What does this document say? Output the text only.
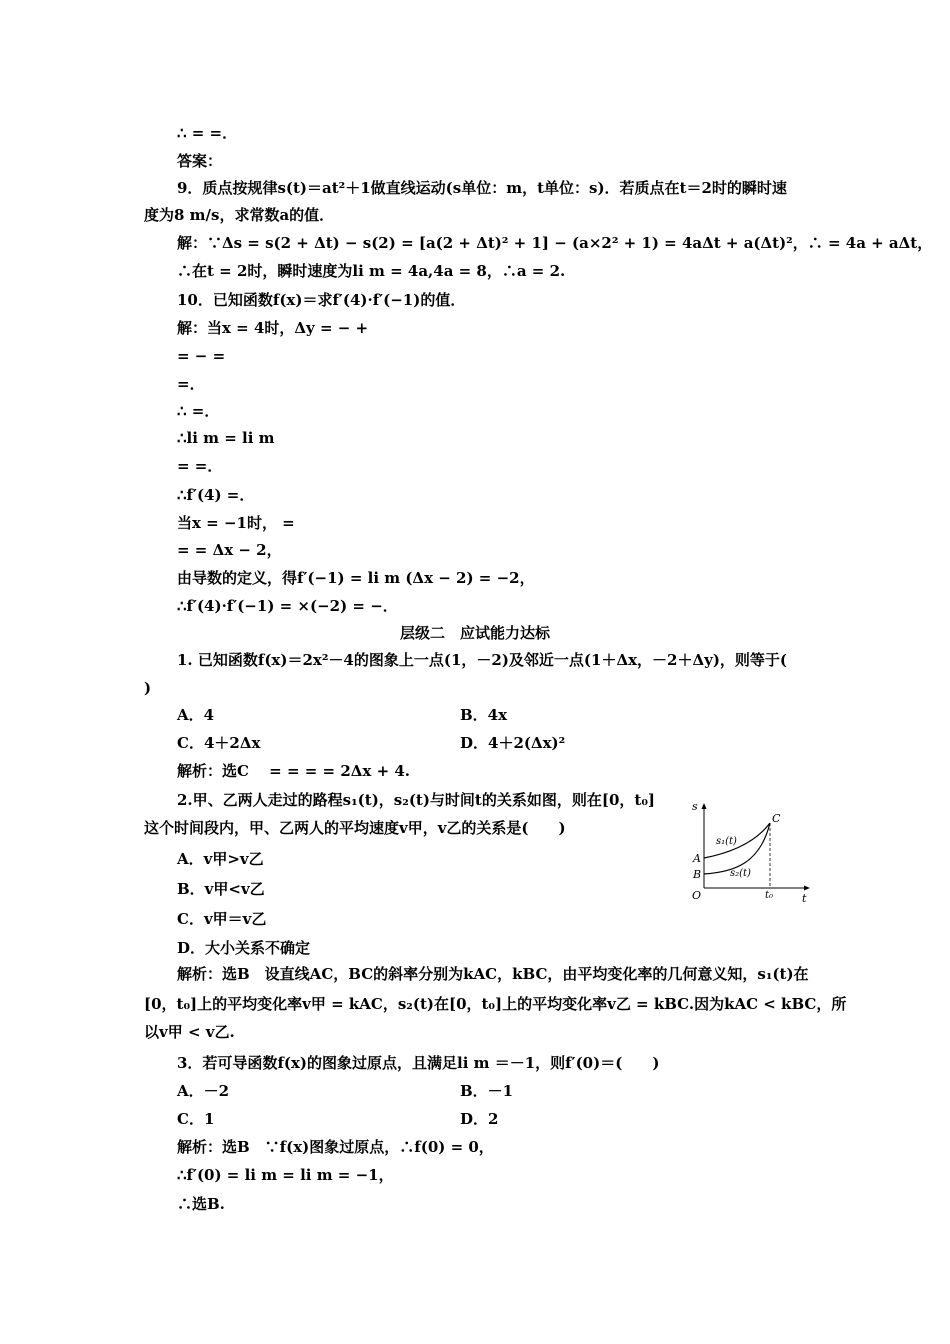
∴ = =．
答案：
9．质点按规律s(t)＝at²＋1做直线运动(s单位：m，t单位：s)．若质点在t＝2时的瞬时速
度为8 m/s，求常数a的值．
解：∵Δs = s(2 + Δt) − s(2) = [a(2 + Δt)² + 1] − (a×2² + 1) = 4aΔt + a(Δt)²，∴ = 4a + aΔt，
∴在t = 2时，瞬时速度为li m = 4a,4a = 8，∴a = 2.
10．已知函数f(x)＝求f′(4)·f′(−1)的值．
解：当x = 4时，Δy = − +
= − =
=．
∴ =．
∴li m = li m
= =．
∴f′(4) =．
当x = −1时， =
= = Δx − 2，
由导数的定义，得f′(−1) = li m (Δx − 2) = −2，
∴f′(4)·f′(−1) = ×(−2) = −．
层级二　应试能力达标
1. 已知函数f(x)＝2x²－4的图象上一点(1，－2)及邻近一点(1＋Δx，－2＋Δy)，则等于(
)
A．4	B．4x
C．4＋2Δx	D．4＋2(Δx)²
解析：选C　 = = = = 2Δx + 4.
2.甲、乙两人走过的路程s₁(t)，s₂(t)与时间t的关系如图，则在[0，t₀]
这个时间段内，甲、乙两人的平均速度v甲，v乙的关系是(　　)
A．v甲>v乙
B．v甲<v乙
C．v甲＝v乙
D．大小关系不确定
解析：选B　设直线AC，BC的斜率分别为kAC，kBC，由平均变化率的几何意义知，s₁(t)在
[0，t₀]上的平均变化率v甲 = kAC，s₂(t)在[0，t₀]上的平均变化率v乙 = kBC.因为kAC < kBC，所
以v甲 < v乙.
3．若可导函数f(x)的图象过原点，且满足li m ＝－1，则f′(0)＝(　　)
A．－2	B．－1
C．1	D．2
解析：选B　∵f(x)图象过原点，∴f(0) = 0，
∴f′(0) = li m = li m = −1，
∴选B.
s
t
O
A
B
C
s₁(t)
s₂(t)
t₀
